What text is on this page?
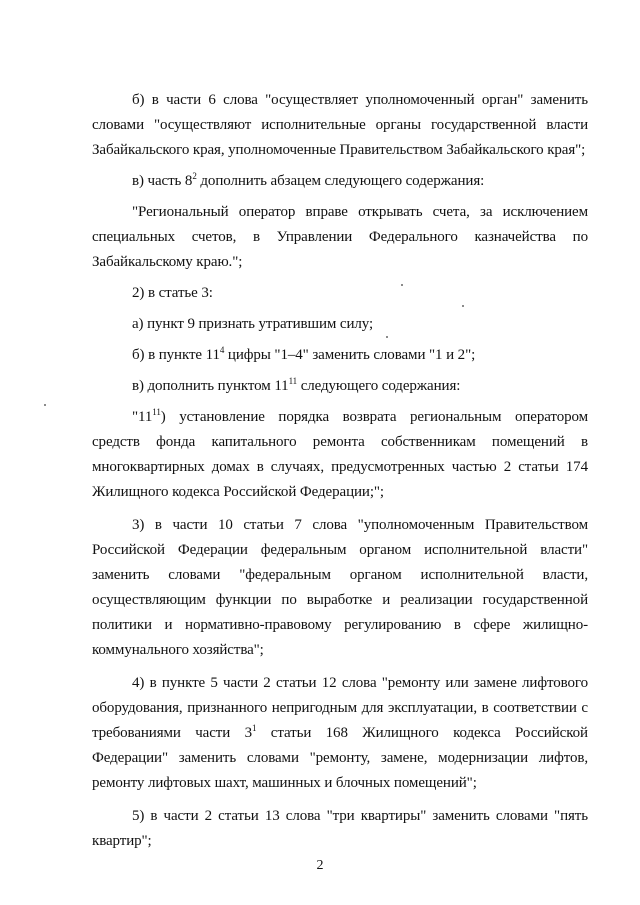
б) в части 6 слова "осуществляет уполномоченный орган" заменить словами "осуществляют исполнительные органы государственной власти Забайкальского края, уполномоченные Правительством Забайкальского края";

в) часть $8^2$ дополнить абзацем следующего содержания:

"Региональный оператор вправе открывать счета, за исключением специальных счетов, в Управлении Федерального казначейства по Забайкальскому краю.";

2) в статье 3:

а) пункт 9 признать утратившим силу;

б) в пункте $11^4$ цифры "1–4" заменить словами "1 и 2";

в) дополнить пунктом $11^{11}$ следующего содержания:

"$11^{11}$) установление порядка возврата региональным оператором средств фонда капитального ремонта собственникам помещений в многоквартирных домах в случаях, предусмотренных частью 2 статьи 174 Жилищного кодекса Российской Федерации;";

3) в части 10 статьи 7 слова "уполномоченным Правительством Российской Федерации федеральным органом исполнительной власти" заменить словами "федеральным органом исполнительной власти, осуществляющим функции по выработке и реализации государственной политики и нормативно-правовому регулированию в сфере жилищно-коммунального хозяйства";

4) в пункте 5 части 2 статьи 12 слова "ремонту или замене лифтового оборудования, признанного непригодным для эксплуатации, в соответствии с требованиями части $3^1$ статьи 168 Жилищного кодекса Российской Федерации" заменить словами "ремонту, замене, модернизации лифтов, ремонту лифтовых шахт, машинных и блочных помещений";

5) в части 2 статьи 13 слова "три квартиры" заменить словами "пять квартир";

2
